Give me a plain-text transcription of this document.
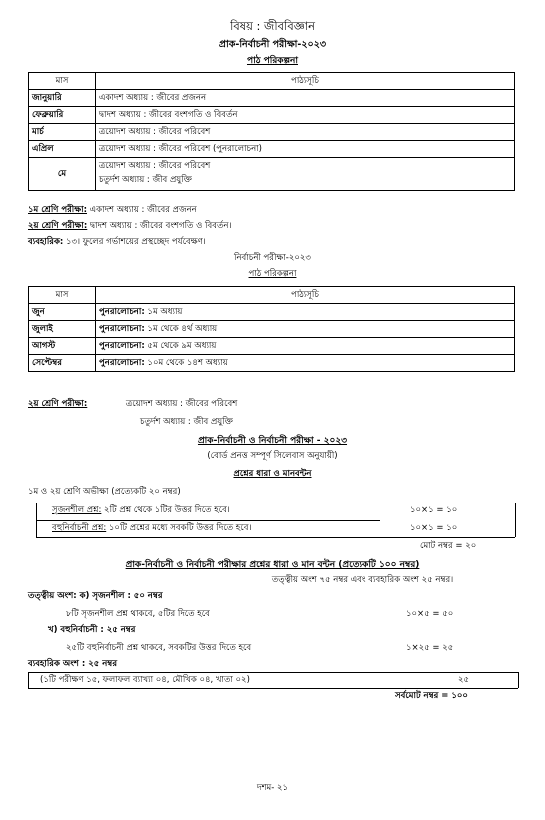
বিষয় : জীববিজ্ঞান
প্রাক-নির্বাচনী পরীক্ষা-২০২৩
পাঠ পরিকল্পনা
মাস	পাঠ্যসূচি
জানুয়ারি	একাদশ অধ্যায় : জীবের প্রজনন
ফেব্রুয়ারি	দ্বাদশ অধ্যায় : জীবের বংশগতি ও বিবর্তন
মার্চ	ত্রয়োদশ অধ্যায় : জীবের পরিবেশ
এপ্রিল	ত্রয়োদশ অধ্যায় : জীবের পরিবেশ (পুনরালোচনা)
মে	ত্রয়োদশ অধ্যায় : জীবের পরিবেশ
চতুর্দশ অধ্যায় : জীব প্রযুক্তি
১ম শ্রেণি পরীক্ষা: একাদশ অধ্যায় : জীবের প্রজনন
২য় শ্রেণি পরীক্ষা: দ্বাদশ অধ্যায় : জীবের বংশগতি ও বিবর্তন।
ব্যবহারিক: ১৩। ফুলের গর্ভাশয়ের প্রস্থচ্ছেদ পর্যবেক্ষণ।
নির্বাচনী পরীক্ষা-২০২৩
পাঠ পরিকল্পনা
মাস	পাঠ্যসূচি
জুন	পুনরালোচনা: ১ম অধ্যায়
জুলাই	পুনরালোচনা: ১ম থেকে ৪র্থ অধ্যায়
আগস্ট	পুনরালোচনা: ৫ম থেকে ৯ম অধ্যায়
সেপ্টেম্বর	পুনরালোচনা: ১০ম থেকে ১৪শ অধ্যায়
২য় শ্রেণি পরীক্ষা:	ত্রয়োদশ অধ্যায় : জীবের পরিবেশ
চতুর্দশ অধ্যায় : জীব প্রযুক্তি
প্রাক-নির্বাচনী ও নির্বাচনী পরীক্ষা - ২০২৩
(বোর্ড প্রনত্ত সম্পূর্ণ সিলেবাস অনুযায়ী)
প্রশ্নের ধারা ও মানবন্টন
১ম ও ২য় শ্রেণি অভীক্ষা (প্রত্যেকটি ২০ নম্বর)
সৃজনশীল প্রশ্ন: ২টি প্রশ্ন থেকে ১টির উত্তর দিতে হবে।	১০×১ = ১০
বহুনির্বাচনী প্রশ্ন: ১০টি প্রশ্নের মধ্যে সবকটি উত্তর দিতে হবে।	১০×১ = ১০
মোট নম্বর = ২০
প্রাক-নির্বাচনী ও নির্বাচনী পরীক্ষার প্রশ্নের ধারা ও মান বন্টন (প্রত্যেকটি ১০০ নম্বর)
তত্ত্বীয় অংশ ৭৫ নম্বর এবং ব্যবহারিক অংশ ২৫ নম্বর।
তত্ত্বীয় অংশ: ক) সৃজনশীল : ৫০ নম্বর
৮টি সৃজনশীল প্রশ্ন থাকবে, ৫টির দিতে হবে	১০×৫ = ৫০
খ) বহুনির্বাচনী : ২৫ নম্বর
২৫টি বহুনির্বাচনী প্রশ্ন থাকবে, সবকটির উত্তর দিতে হবে	১×২৫ = ২৫
ব্যবহারিক অংশ : ২৫ নম্বর
(১টি পরীক্ষণ ১৫, ফলাফল ব্যাখ্যা ০৪, মৌখিক ০৪, খাতা ০২)	২৫
সর্বমোট নম্বর = ১০০
দশম- ২১
